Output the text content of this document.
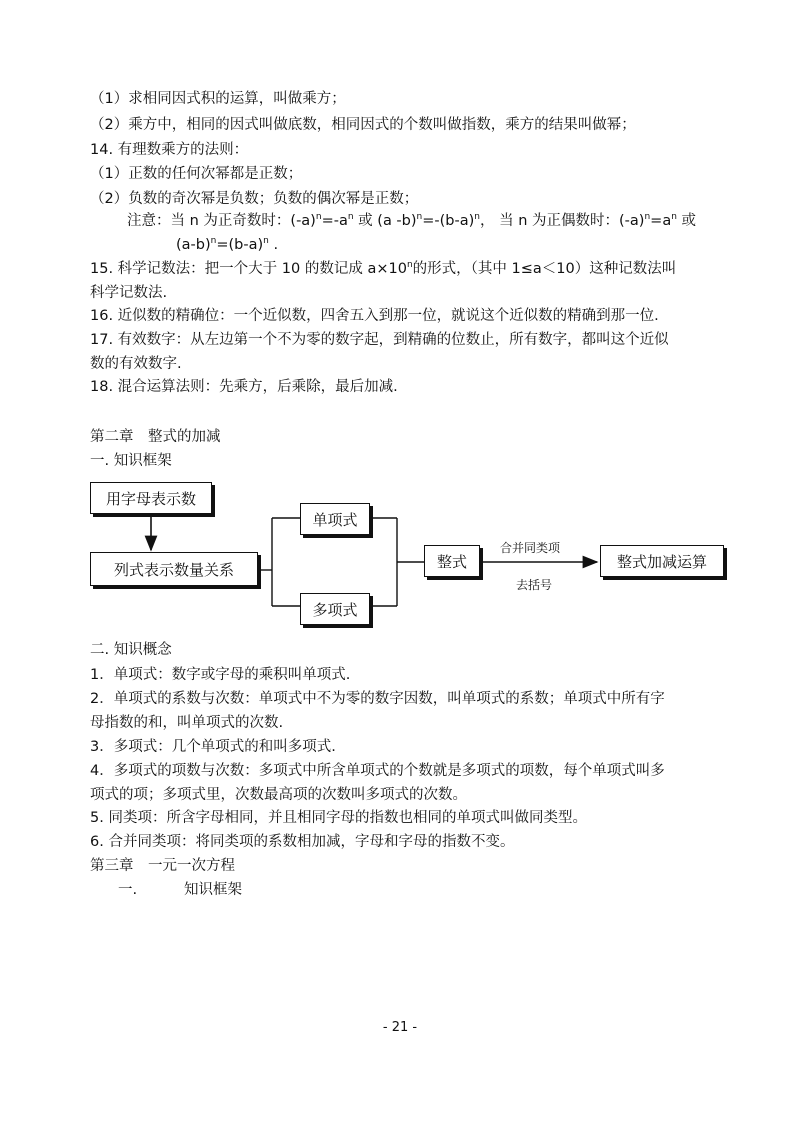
（1）求相同因式积的运算，叫做乘方；
（2）乘方中，相同的因式叫做底数，相同因式的个数叫做指数，乘方的结果叫做幂；
14. 有理数乘方的法则：
（1）正数的任何次幂都是正数；
（2）负数的奇次幂是负数；负数的偶次幂是正数；
注意：当 n 为正奇数时：$(-a)^n=-a^n$ 或 (a $-b)^n=-(b-a)^n$， 当 n 为正偶数时：$(-a)^n=a^n$ 或
$(a-b)^n=(b-a)^n$ .
15. 科学记数法：把一个大于 10 的数记成 $a\times 10^n$的形式，（其中 1≤a＜10）这种记数法叫
科学记数法.
16. 近似数的精确位：一个近似数，四舍五入到那一位，就说这个近似数的精确到那一位.
17. 有效数字：从左边第一个不为零的数字起，到精确的位数止，所有数字，都叫这个近似
数的有效数字.
18. 混合运算法则：先乘方，后乘除，最后加减.
第二章　整式的加减
一. 知识框架
用字母表示数
列式表示数量关系
单项式
多项式
整式	整式加减运算
合并同类项
去括号
二. 知识概念
1．单项式：数字或字母的乘积叫单项式.
2．单项式的系数与次数：单项式中不为零的数字因数，叫单项式的系数；单项式中所有字
母指数的和，叫单项式的次数.
3．多项式：几个单项式的和叫多项式.
4．多项式的项数与次数：多项式中所含单项式的个数就是多项式的项数，每个单项式叫多
项式的项；多项式里，次数最高项的次数叫多项式的次数。
5. 同类项：所含字母相同，并且相同字母的指数也相同的单项式叫做同类型。
6. 合并同类项：将同类项的系数相加减，字母和字母的指数不变。
第三章　一元一次方程
一.	知识框架
- 21 -
